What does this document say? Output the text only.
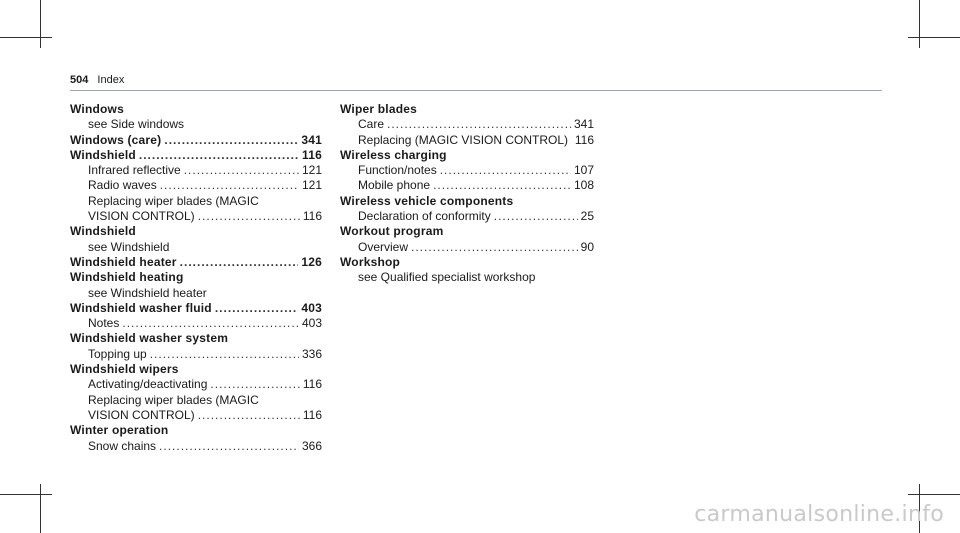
504 Index
Windows
see Side windows
Windows (care) .....	341
Windshield .....	116
Infrared reflective .....	121
Radio waves .....	121
Replacing wiper blades (MAGIC
VISION CONTROL) .....	116
Windshield
see Windshield
Windshield heater .....	126
Windshield heating
see Windshield heater
Windshield washer fluid .....	403
Notes .....	403
Windshield washer system
Topping up .....	336
Windshield wipers
Activating/deactivating .....	116
Replacing wiper blades (MAGIC
VISION CONTROL) .....	116
Winter operation
Snow chains .....	366
Wiper blades
Care .....	341
Replacing (MAGIC VISION CONTROL) ..... 116
Wireless charging
Function/notes .....	107
Mobile phone .....	108
Wireless vehicle components
Declaration of conformity .....	25
Workout program
Overview .....	90
Workshop
see Qualified specialist workshop
carmanualsonline.info
